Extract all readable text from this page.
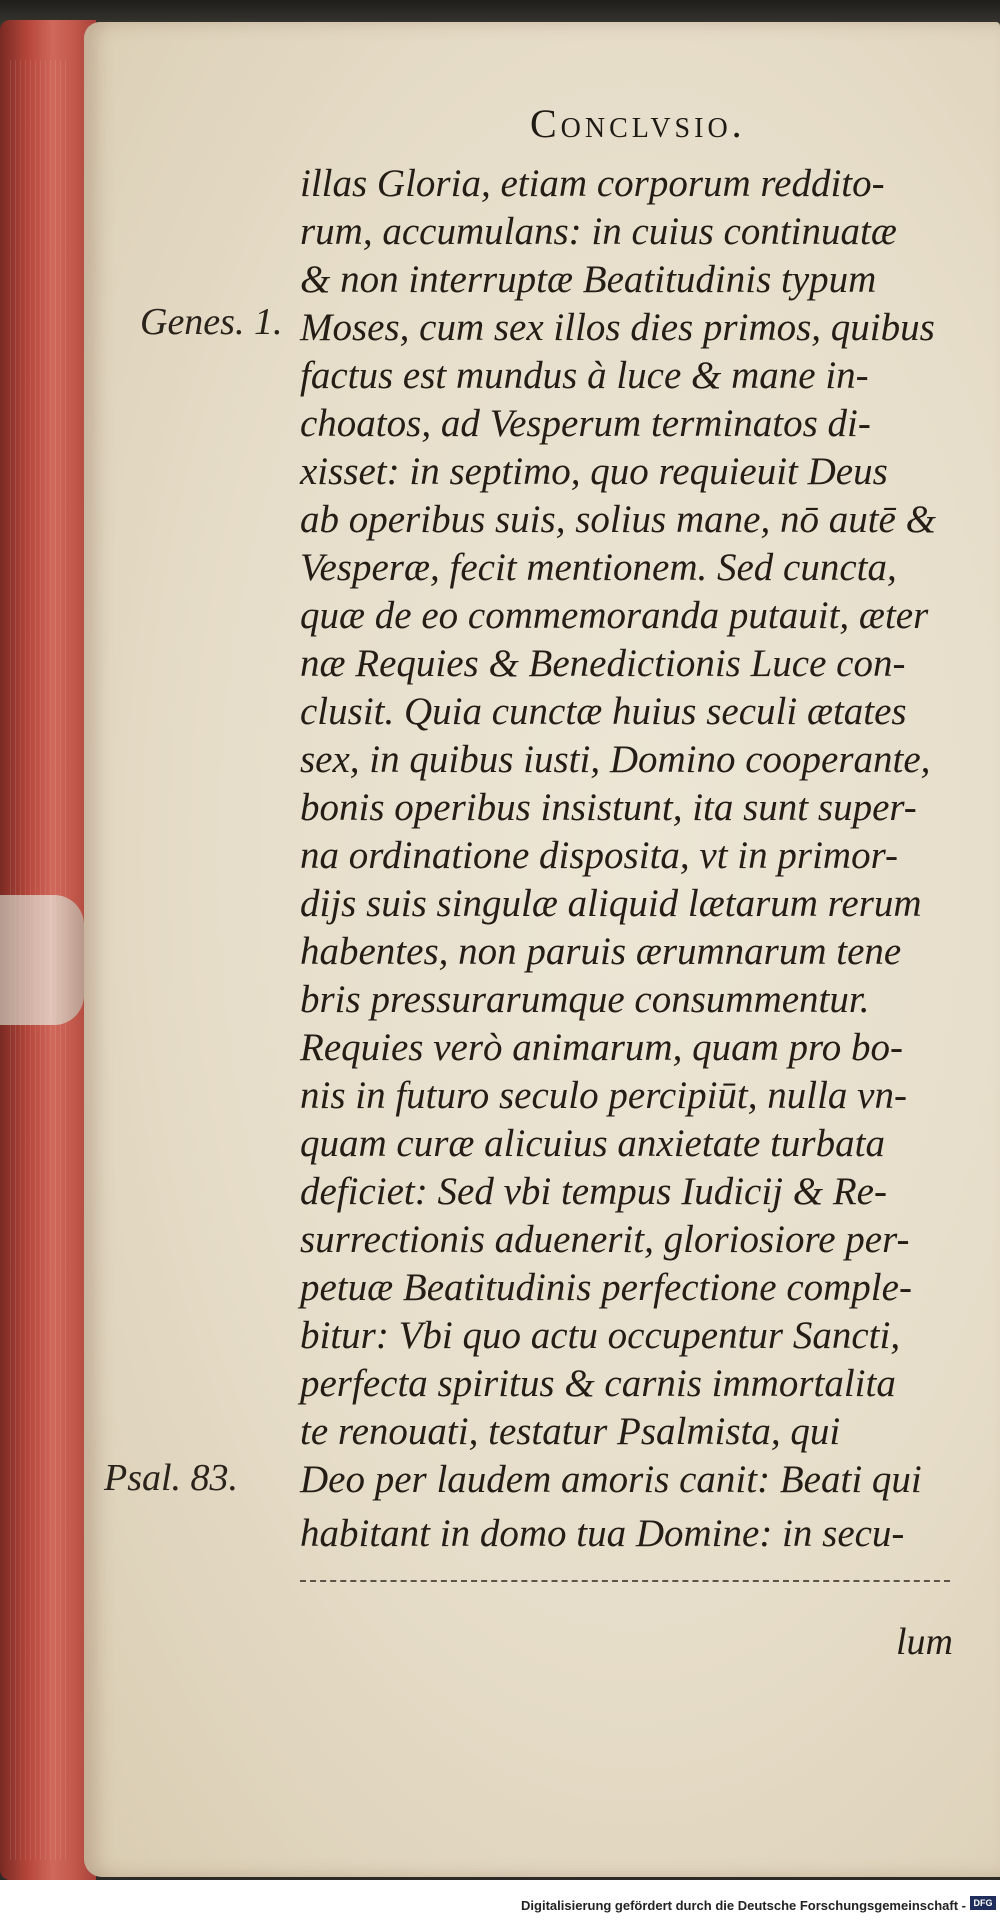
Conclvsio.
illas Gloria, etiam corporum reddito-
rum, accumulans: in cuius continuatæ
& non interruptæ Beatitudinis typum
Moses, cum sex illos dies primos, quibus
factus est mundus à luce & mane in-
choatos, ad Vesperum terminatos di-
xisset: in septimo, quo requieuit Deus
ab operibus suis, solius mane, nō autē &
Vesperæ, fecit mentionem. Sed cuncta,
quæ de eo commemoranda putauit, æter
næ Requies & Benedictionis Luce con-
clusit. Quia cunctæ huius seculi ætates
sex, in quibus iusti, Domino cooperante,
bonis operibus insistunt, ita sunt super-
na ordinatione disposita, vt in primor-
dijs suis singulæ aliquid lætarum rerum
habentes, non paruis ærumnarum tene
bris pressurarumque consummentur.
Requies verò animarum, quam pro bo-
nis in futuro seculo percipiūt, nulla vn-
quam curæ alicuius anxietate turbata
deficiet: Sed vbi tempus Iudicij & Re-
surrectionis aduenerit, gloriosiore per-
petuæ Beatitudinis perfectione comple-
bitur: Vbi quo actu occupentur Sancti,
perfecta spiritus & carnis immortalita
te renouati, testatur Psalmista, qui
Deo per laudem amoris canit: Beati qui
habitant in domo tua Domine: in secu-
Genes. 1.
Psal. 83.
lum
Digitalisierung gefördert durch die Deutsche Forschungsgemeinschaft - DFG
